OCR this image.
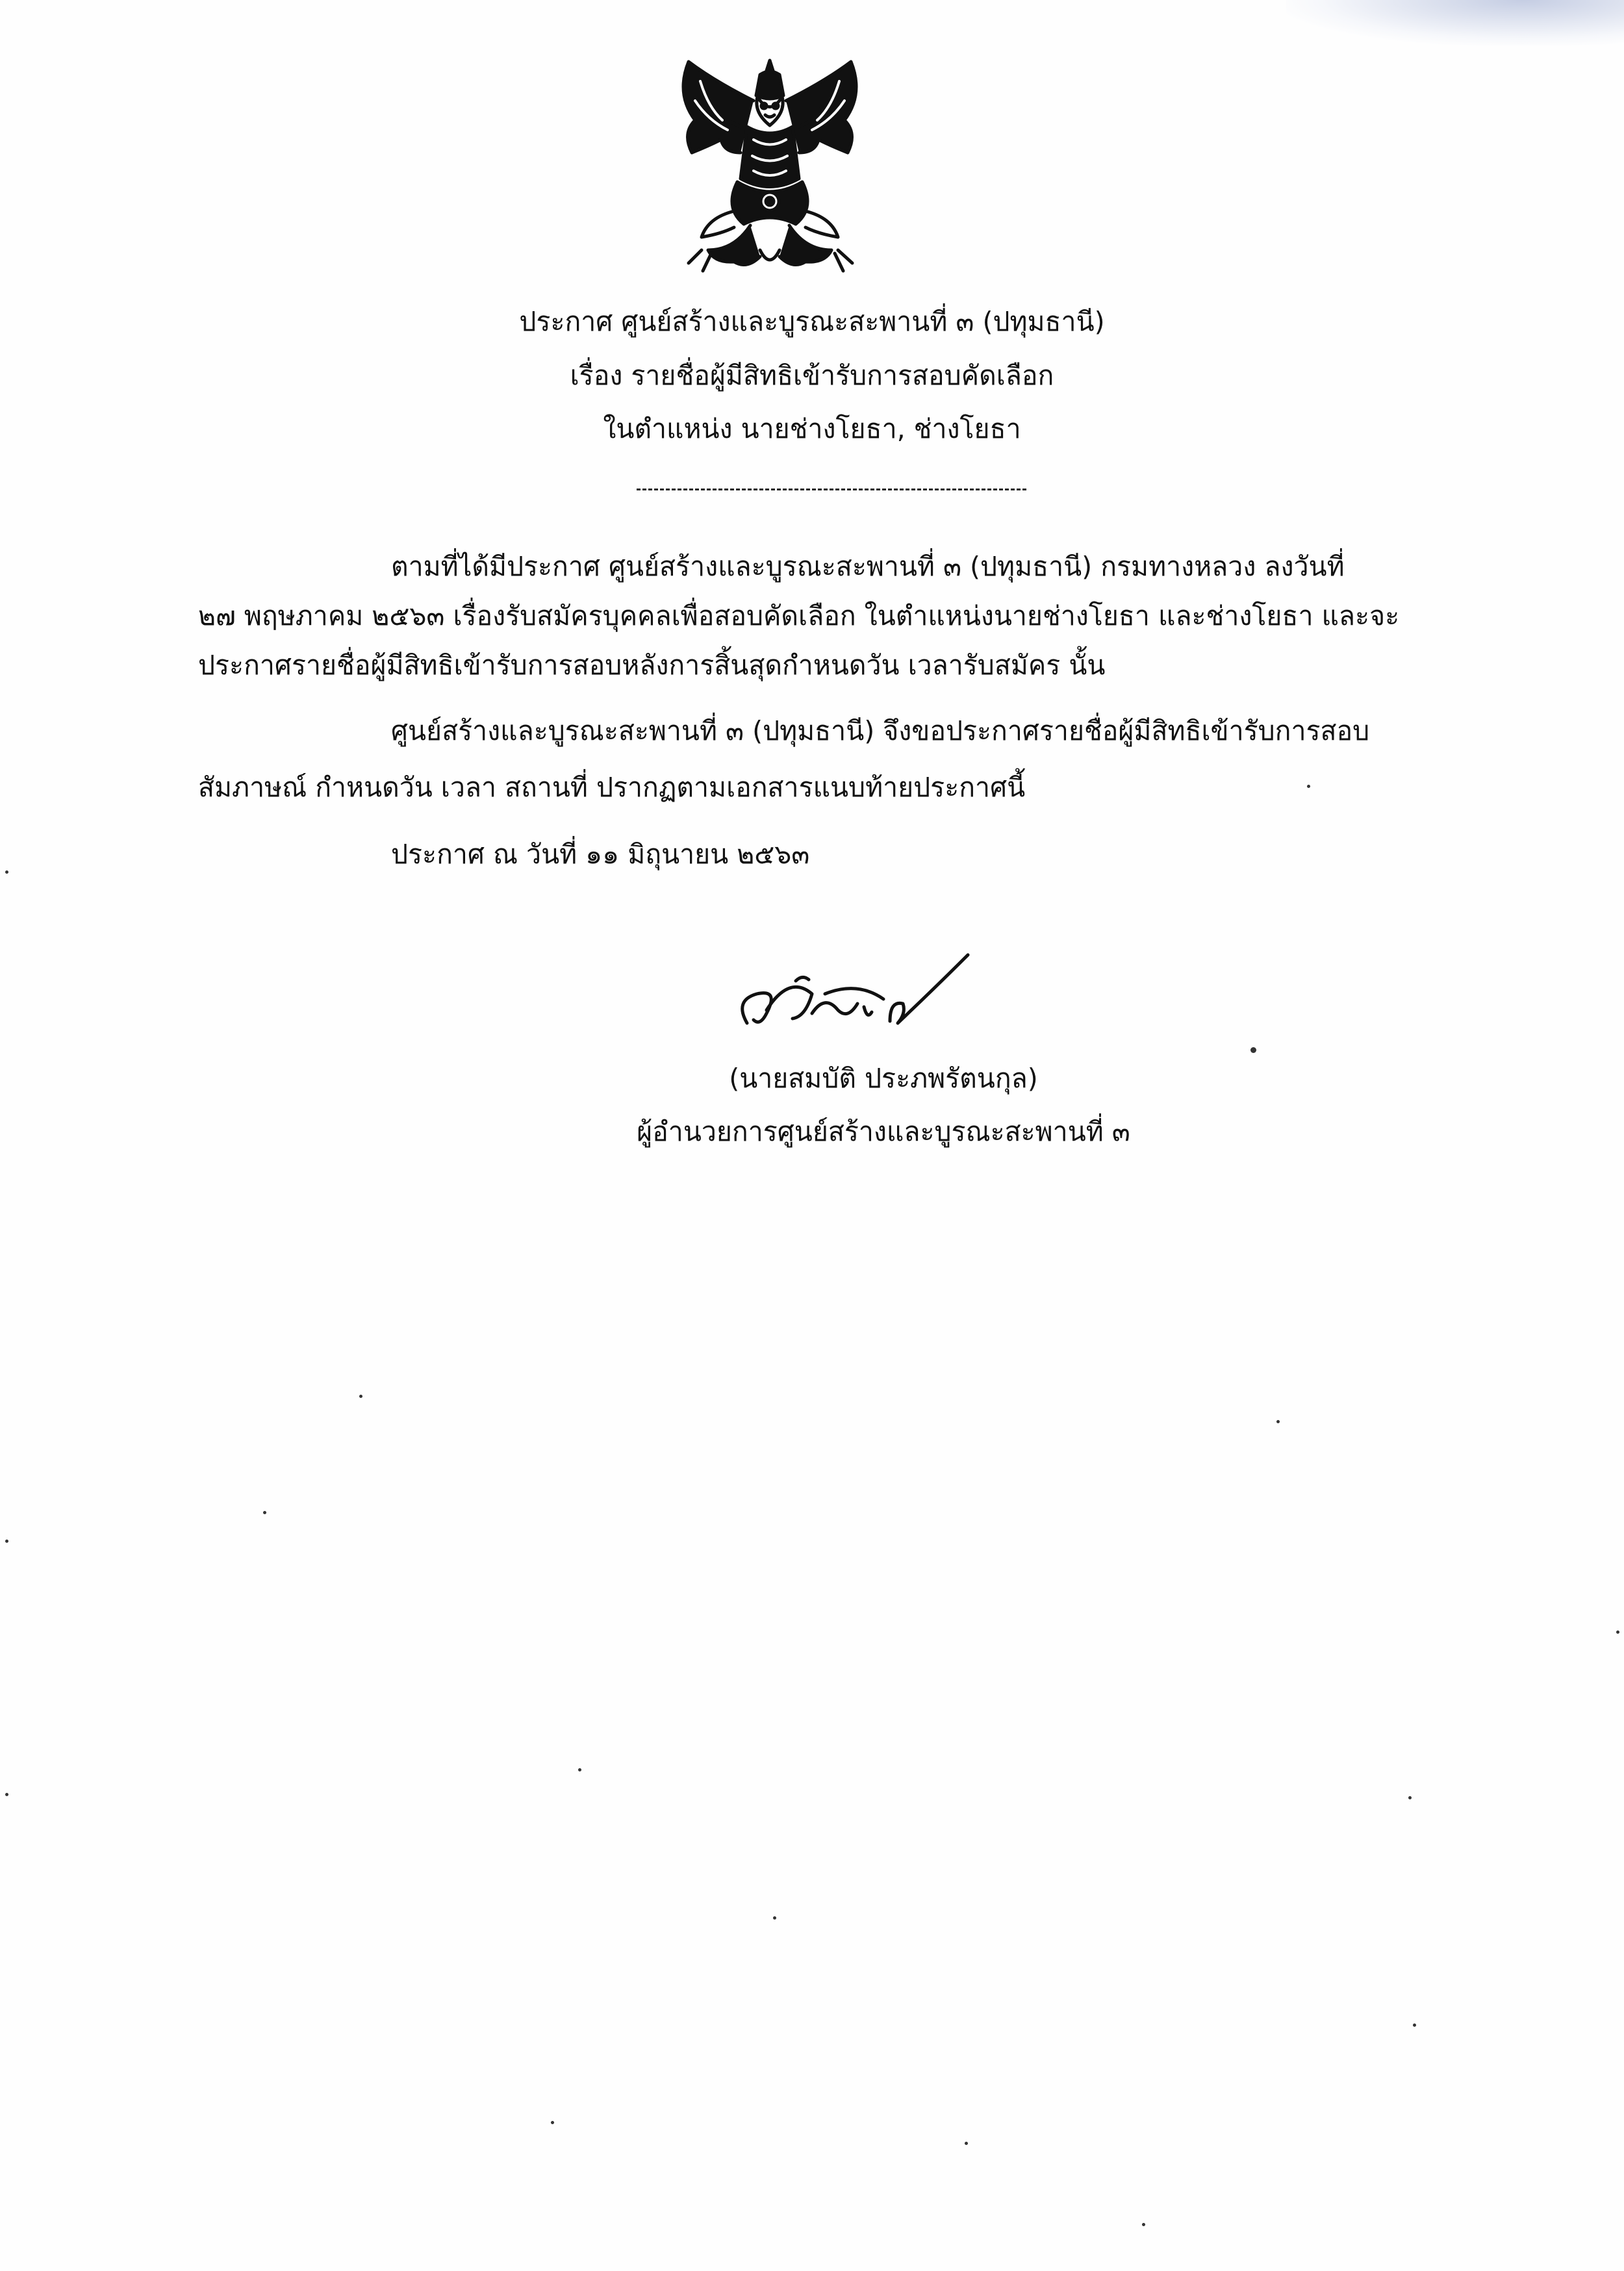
ประกาศ ศูนย์สร้างและบูรณะสะพานที่ ๓ (ปทุมธานี)
เรื่อง รายชื่อผู้มีสิทธิเข้ารับการสอบคัดเลือก
ในตำแหน่ง นายช่างโยธา, ช่างโยธา
ตามที่ได้มีประกาศ ศูนย์สร้างและบูรณะสะพานที่ ๓ (ปทุมธานี) กรมทางหลวง ลงวันที่
๒๗ พฤษภาคม ๒๕๖๓ เรื่องรับสมัครบุคคลเพื่อสอบคัดเลือก ในตำแหน่งนายช่างโยธา และช่างโยธา และจะ
ประกาศรายชื่อผู้มีสิทธิเข้ารับการสอบหลังการสิ้นสุดกำหนดวัน เวลารับสมัคร นั้น
ศูนย์สร้างและบูรณะสะพานที่ ๓ (ปทุมธานี) จึงขอประกาศรายชื่อผู้มีสิทธิเข้ารับการสอบ
สัมภาษณ์ กำหนดวัน เวลา สถานที่ ปรากฏตามเอกสารแนบท้ายประกาศนี้
ประกาศ ณ วันที่ ๑๑ มิถุนายน ๒๕๖๓
(นายสมบัติ ประภพรัตนกุล)
ผู้อำนวยการศูนย์สร้างและบูรณะสะพานที่ ๓
